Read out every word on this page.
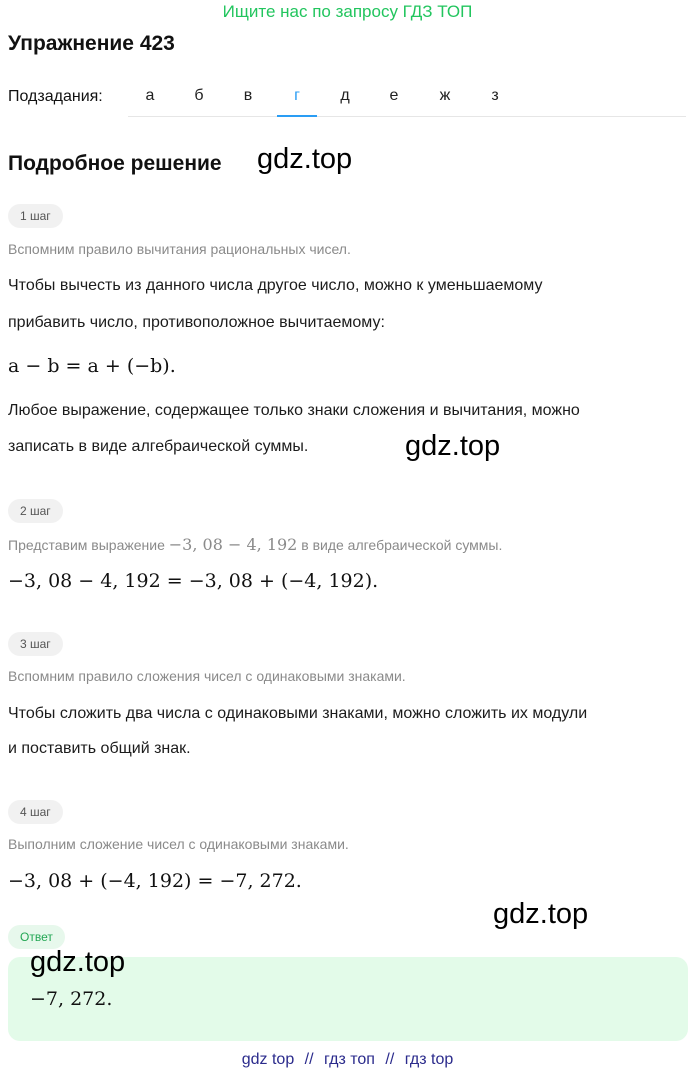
Ищите нас по запросу ГДЗ ТОП
Упражнение 423
Подзадания:	а	б	в	г	д	е	ж	з
Подробное решение gdz.top
1 шаг
Вспомним правило вычитания рациональных чисел.
Чтобы вычесть из данного числа другое число, можно к уменьшаемому
прибавить число, противоположное вычитаемому:
a − b = a + (−b).
Любое выражение, содержащее только знаки сложения и вычитания, можно
записать в виде алгебраической суммы.	gdz.top
2 шаг
Представим выражение −3, 08 − 4, 192 в виде алгебраической суммы.
−3, 08 − 4, 192 = −3, 08 + (−4, 192).
3 шаг
Вспомним правило сложения чисел с одинаковыми знаками.
Чтобы сложить два числа с одинаковыми знаками, можно сложить их модули
и поставить общий знак.
4 шаг
Выполним сложение чисел с одинаковыми знаками.
−3, 08 + (−4, 192) = −7, 272.
gdz.top
Ответ
gdz.top
−7, 272.
gdz top // гдз топ // гдз top
